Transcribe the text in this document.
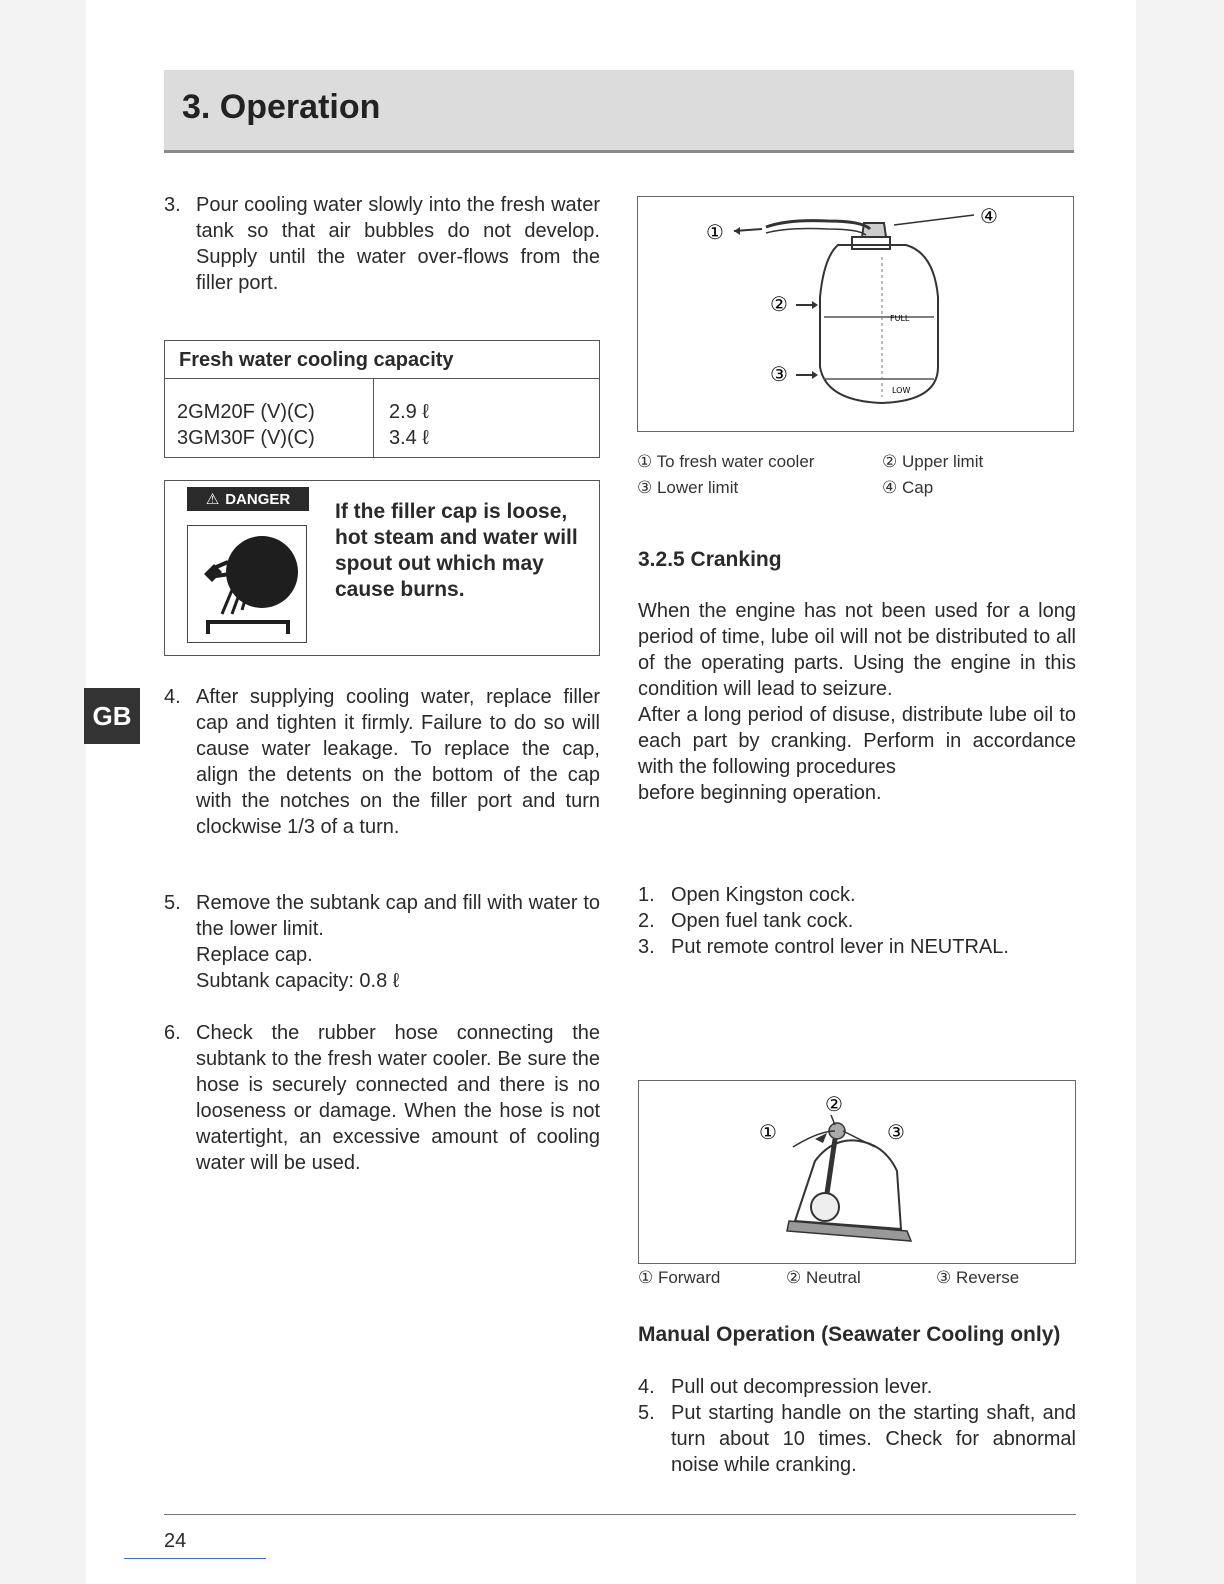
3. Operation
GB
3. Pour cooling water slowly into the fresh water tank so that air bubbles do not develop. Supply until the water over-flows from the filler port.
Fresh water cooling capacity
2GM20F (V)(C)	2.9 ℓ
3GM30F (V)(C)	3.4 ℓ
⚠ DANGER
If the filler cap is loose, hot steam and water will spout out which may cause burns.
4. After supplying cooling water, replace filler cap and tighten it firmly. Failure to do so will cause water leakage. To replace the cap, align the detents on the bottom of the cap with the notches on the filler port and turn clockwise 1/3 of a turn.
5. Remove the subtank cap and fill with water to the lower limit.

Replace cap.

Subtank capacity: 0.8 ℓ

6. Check the rubber hose connecting the subtank to the fresh water cooler. Be sure the hose is securely connected and there is no looseness or damage. When the hose is not watertight, an excessive amount of cooling water will be used.
FULL
LOW
①
②
③
④
① To fresh water cooler	② Upper limit
③ Lower limit	④ Cap
3.2.5 Cranking

When the engine has not been used for a long period of time, lube oil will not be distributed to all of the operating parts. Using the engine in this condition will lead to seizure.

After a long period of disuse, distribute lube oil to each part by cranking. Perform in accordance with the following procedures

before beginning operation.

1. Open Kingston cock.
2. Open fuel tank cock.
3. Put remote control lever in NEUTRAL.
①
②
③
① Forward	② Neutral	③ Reverse
Manual Operation (Seawater Cooling only)
4. Pull out decompression lever.
5. Put starting handle on the starting shaft, and turn about 10 times. Check for abnormal noise while cranking.
24
